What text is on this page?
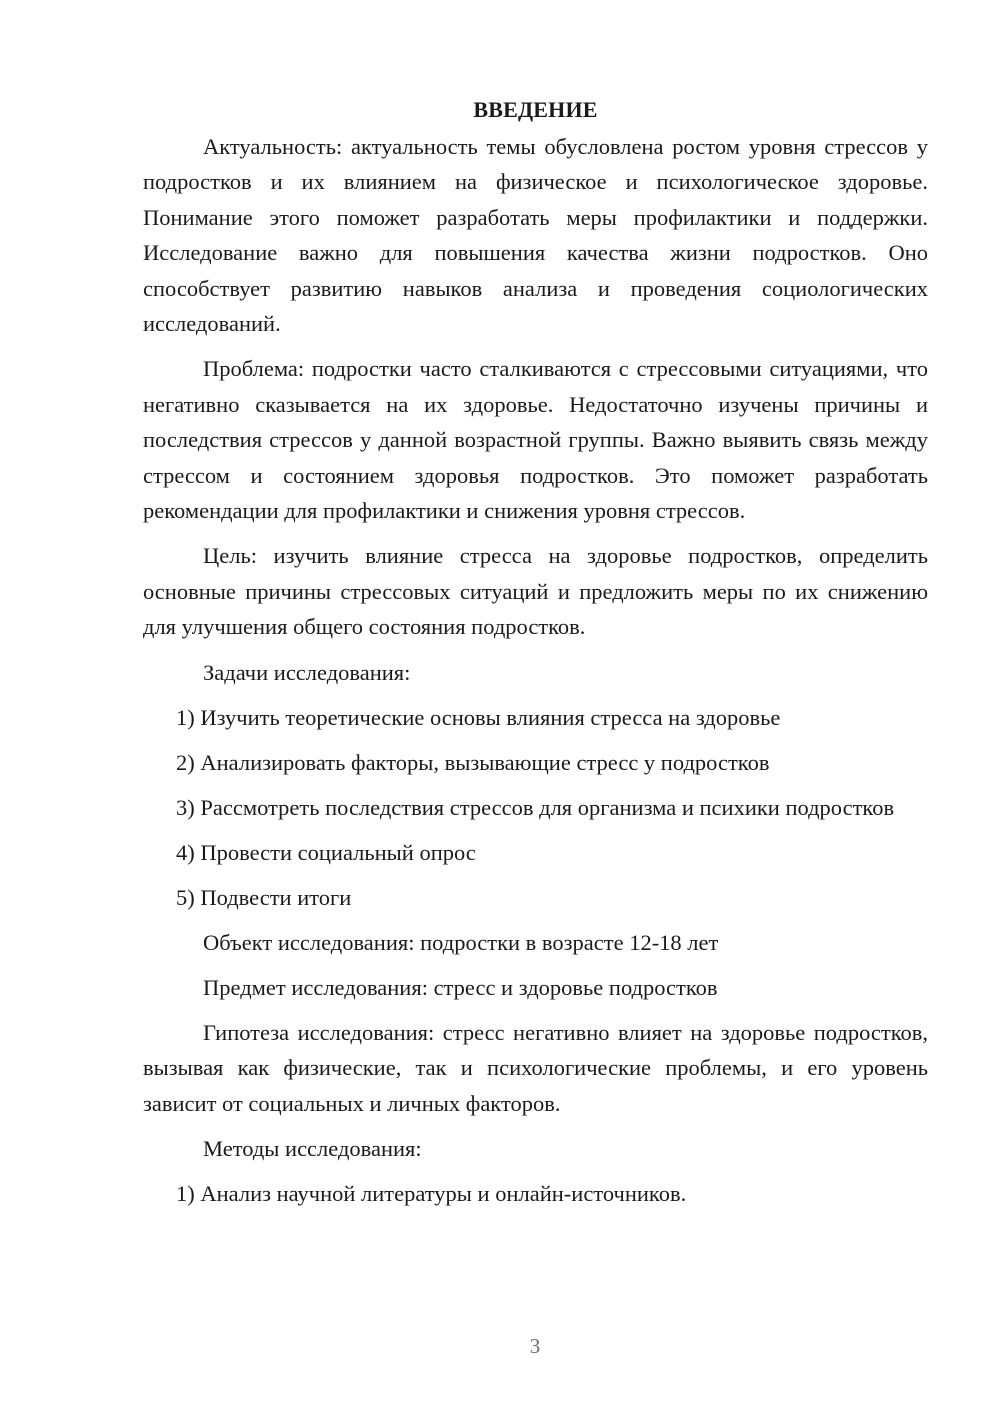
ВВЕДЕНИЕ

Актуальность: актуальность темы обусловлена ростом уровня стрессов у подростков и их влиянием на физическое и психологическое здоровье. Понимание этого поможет разработать меры профилактики и поддержки. Исследование важно для повышения качества жизни подростков. Оно способствует развитию навыков анализа и проведения социологических исследований.

Проблема: подростки часто сталкиваются с стрессовыми ситуациями, что негативно сказывается на их здоровье. Недостаточно изучены причины и последствия стрессов у данной возрастной группы. Важно выявить связь между стрессом и состоянием здоровья подростков. Это поможет разработать рекомендации для профилактики и снижения уровня стрессов.

Цель: изучить влияние стресса на здоровье подростков, определить основные причины стрессовых ситуаций и предложить меры по их снижению для улучшения общего состояния подростков.

Задачи исследования:

1) Изучить теоретические основы влияния стресса на здоровье

2) Анализировать факторы, вызывающие стресс у подростков

3) Рассмотреть последствия стрессов для организма и психики подростков

4) Провести социальный опрос

5) Подвести итоги

Объект исследования: подростки в возрасте 12-18 лет

Предмет исследования: стресс и здоровье подростков

Гипотеза исследования: стресс негативно влияет на здоровье подростков, вызывая как физические, так и психологические проблемы, и его уровень зависит от социальных и личных факторов.

Методы исследования:

1) Анализ научной литературы и онлайн-источников.

3
